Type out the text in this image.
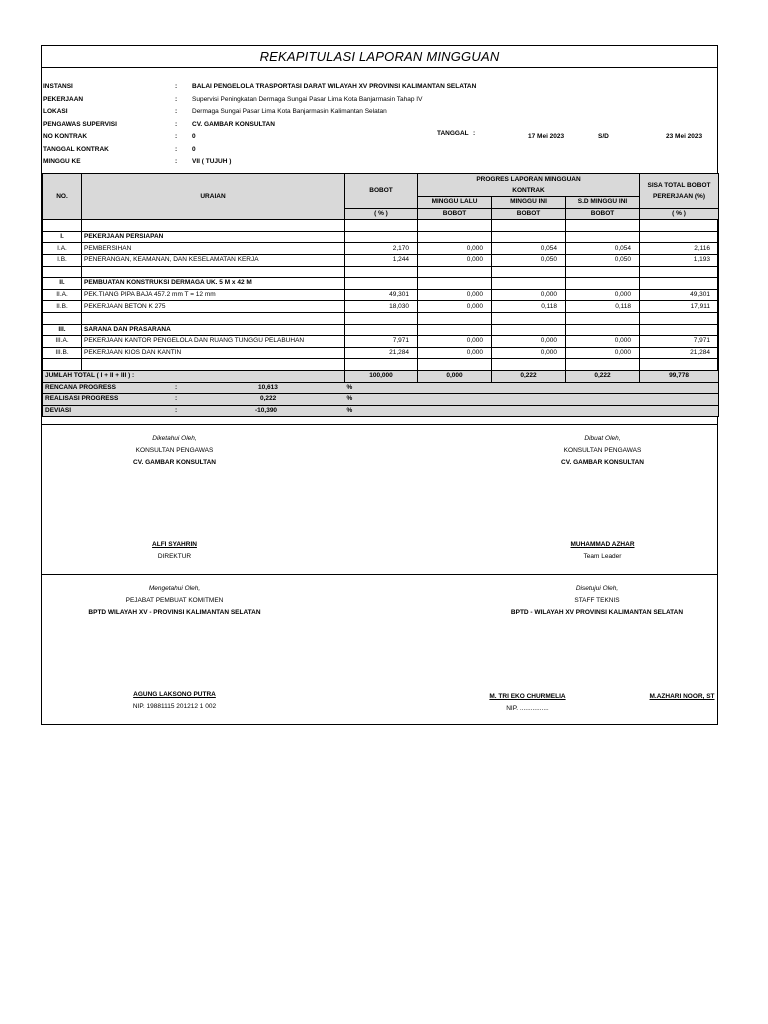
REKAPITULASI LAPORAN MINGGUAN
INSTANSI	: BALAI PENGELOLA TRASPORTASI DARAT WILAYAH XV PROVINSI KALIMANTAN SELATAN
PEKERJAAN	: Supervisi Peningkatan Dermaga Sungai Pasar Lima Kota Banjarmasin Tahap IV
LOKASI	: Dermaga Sungai Pasar Lima Kota Banjarmasin Kalimantan Selatan
PENGAWAS SUPERVISI	: CV. GAMBAR KONSULTAN
NO KONTRAK	: 0	TANGGAL :	17 Mei 2023	S/D	23 Mei 2023
TANGGAL KONTRAK	: 0
MINGGU KE	: VII ( TUJUH )
NO.	URAIAN	BOBOT	PROGRES LAPORAN MINGGUAN
KONTRAK			SISA TOTAL BOBOT PERERJAAN (%)
			MINGGU LALU	MINGGU INI	S.D MINGGU INI	
		( % )	BOBOT	BOBOT	BOBOT	( % )

I.	PEKERJAAN PERSIAPAN					
I.A.	PEMBERSIHAN	2,170	0,000	0,054	0,054	2,116
I.B.	PENERANGAN, KEAMANAN, DAN KESELAMATAN KERJA	1,244	0,000	0,050	0,050	1,193

II.	PEMBUATAN KONSTRUKSI DERMAGA UK. 5 M x 42 M					
II.A.	PEK.TIANG PIPA BAJA 457.2 mm T = 12 mm	49,301	0,000	0,000	0,000	49,301
II.B.	PEKERJAAN BETON K 275	18,030	0,000	0,118	0,118	17,911

III.	SARANA DAN PRASARANA					
III.A.	PEKERJAAN KANTOR PENGELOLA DAN RUANG TUNGGU PELABUHAN	7,971	0,000	0,000	0,000	7,971
III.B.	PEKERJAAN KIOS DAN KANTIN	21,284	0,000	0,000	0,000	21,284

JUMLAH TOTAL ( I + II + III ) :		100,000	0,000	0,222	0,222	99,778
RENCANA PROGRESS : 10,613		%				
REALISASI PROGRESS : 0,222		%				
DEVIASI : -10,390		%				
Diketahui Oleh,
KONSULTAN PENGAWAS
CV. GAMBAR KONSULTAN
ALFI SYAHRIN
DIREKTUR
Dibuat Oleh,
KONSULTAN PENGAWAS
CV. GAMBAR KONSULTAN
MUHAMMAD AZHAR
Team Leader
Mengetahui Oleh,
PEJABAT PEMBUAT KOMITMEN
BPTD WILAYAH XV - PROVINSI KALIMANTAN SELATAN
AGUNG LAKSONO PUTRA
NIP. 19881115 201212 1 002
Disetujui Oleh,
STAFF TEKNIS
BPTD - WILAYAH XV PROVINSI KALIMANTAN SELATAN
M. TRI EKO CHURMELIA
NIP. ................
M.AZHARI NOOR, ST
